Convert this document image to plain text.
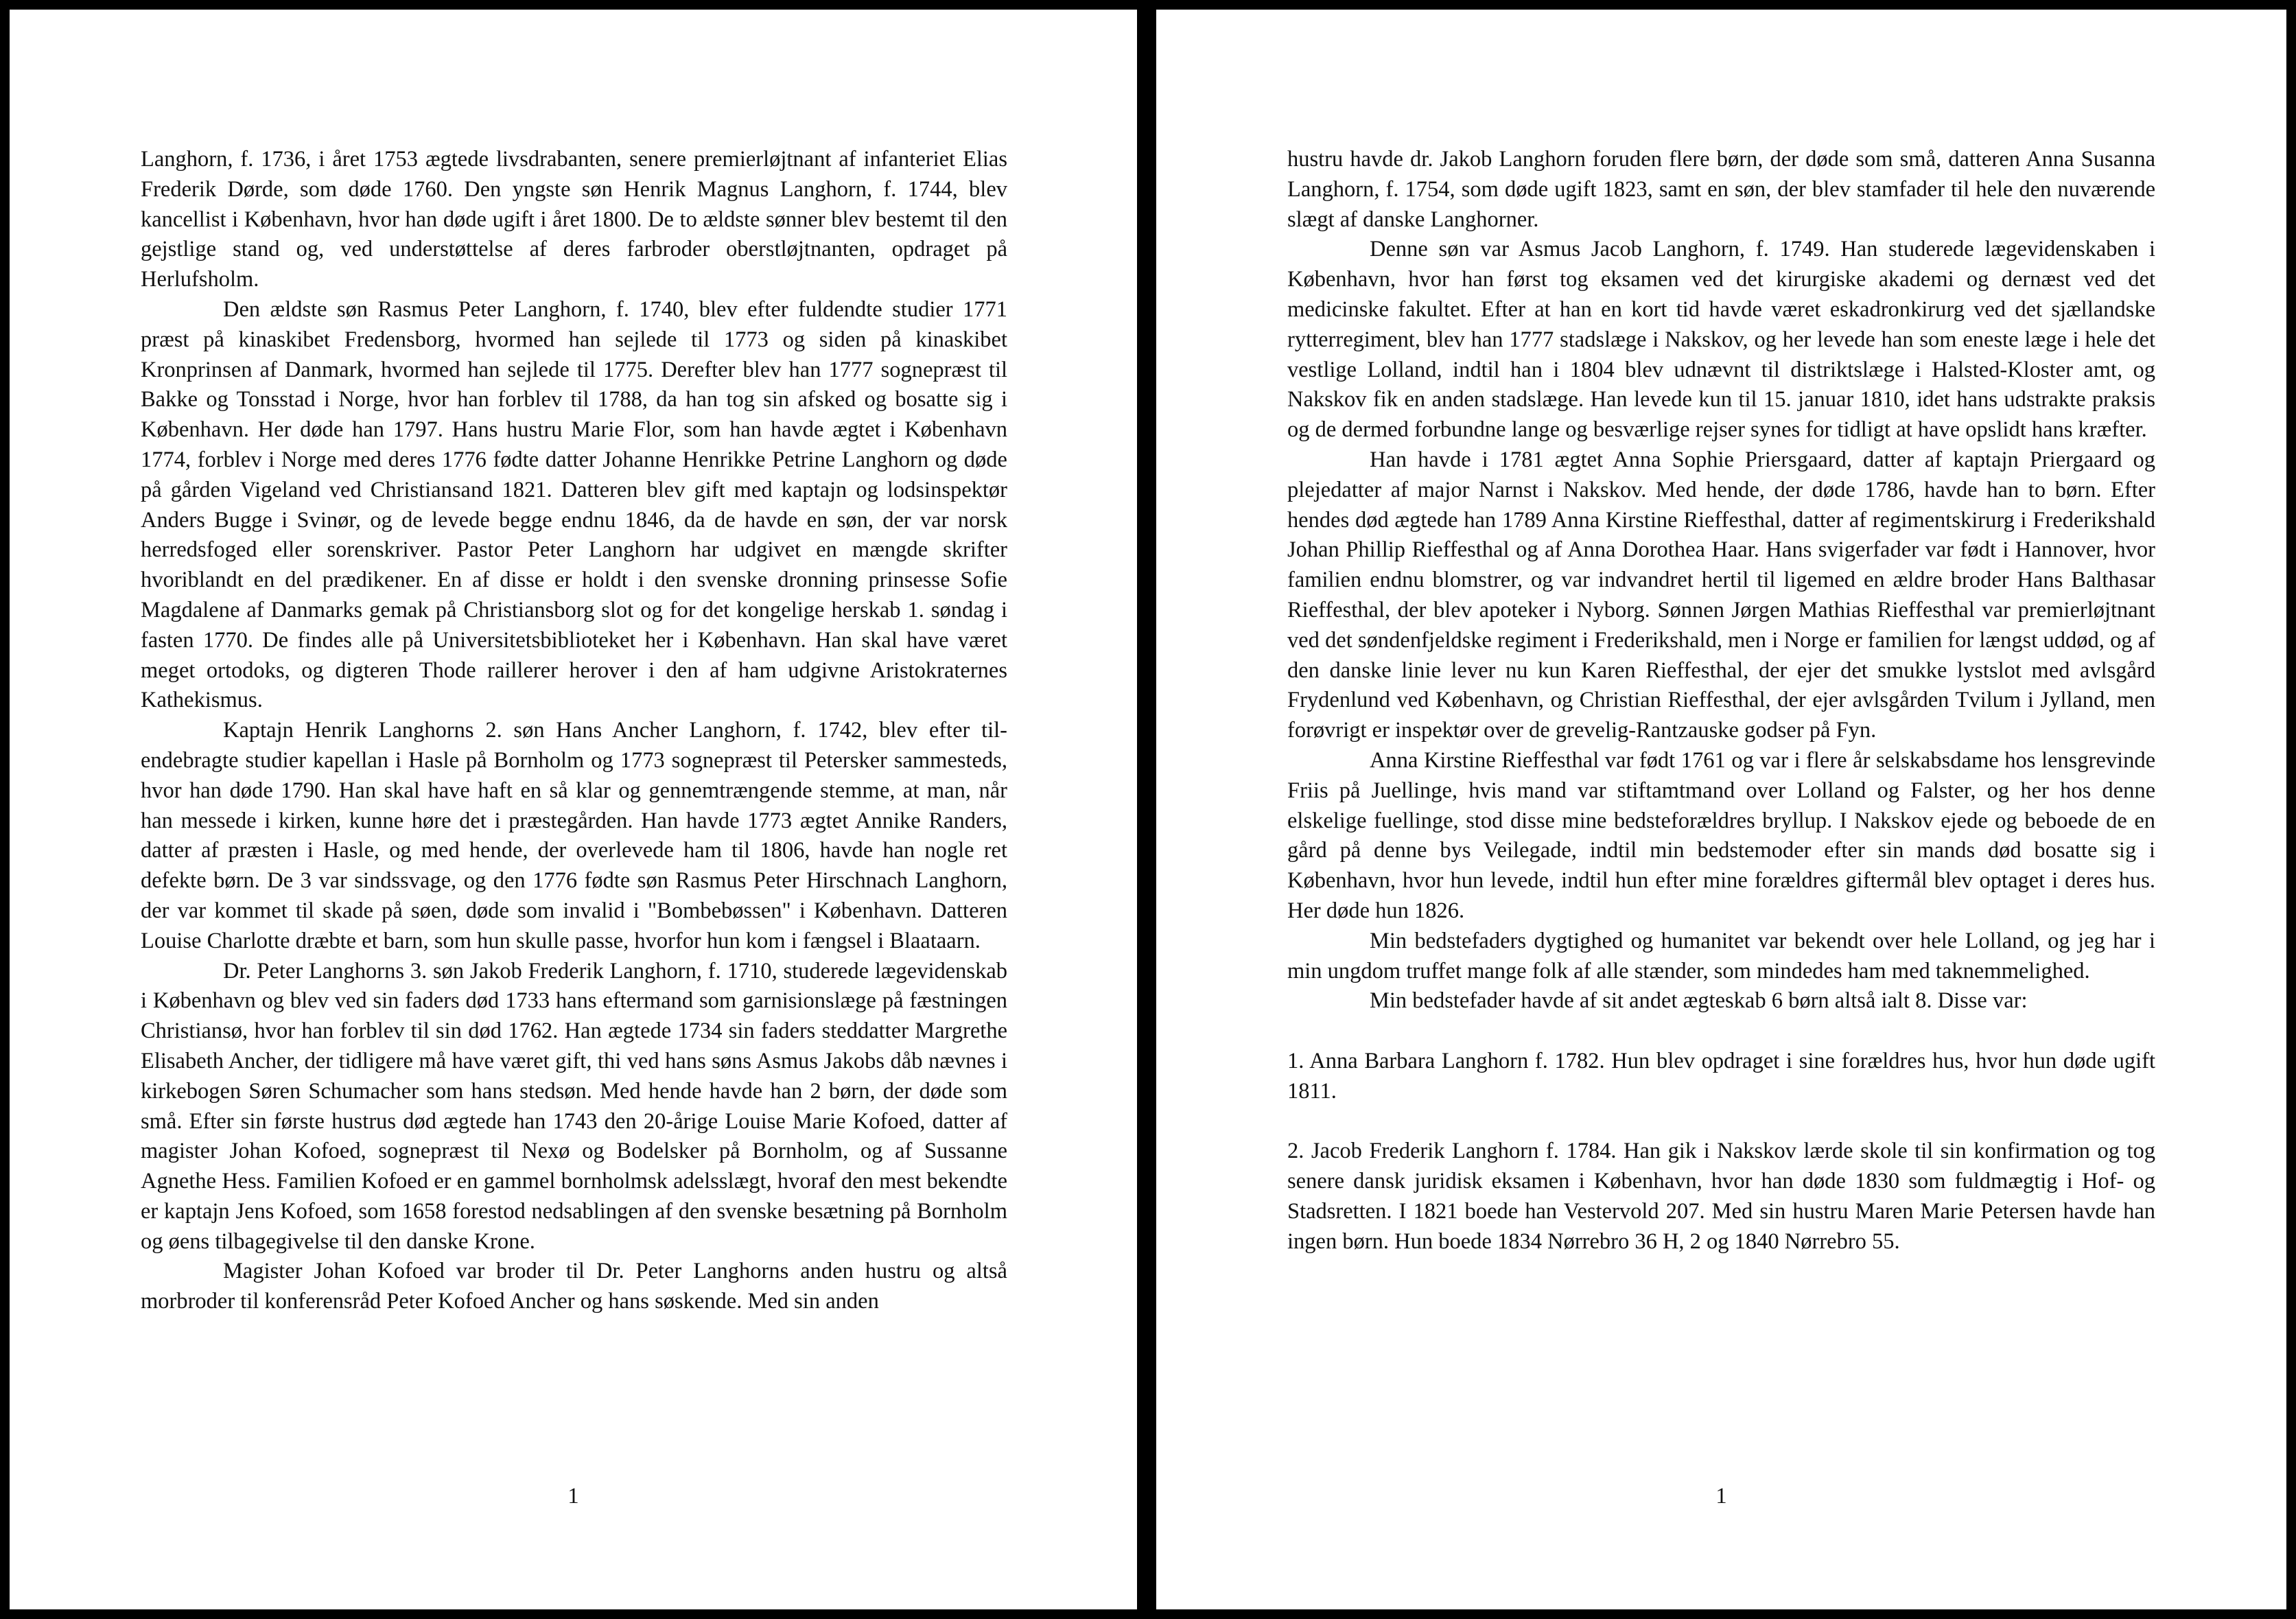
Langhorn, f. 1736, i året 1753 ægtede livsdrabanten, senere premierløjtnant af infanteriet Elias Frederik Dørde, som døde 1760. Den yngste søn Henrik Magnus Langhorn, f. 1744, blev kancellist i København, hvor han døde ugift i året 1800. De to ældste sønner blev bestemt til den gejstlige stand og, ved understøttelse af deres farbroder oberstløjtnanten, opdraget på Herlufsholm.

Den ældste søn Rasmus Peter Langhorn, f. 1740, blev efter fuldendte studier 1771 præst på kinaskibet Fredensborg, hvormed han sejlede til 1773 og siden på kinaskibet Kronprinsen af Danmark, hvormed han sejlede til 1775. Derefter blev han 1777 sognepræst til Bakke og Tonsstad i Norge, hvor han forblev til 1788, da han tog sin afsked og bosatte sig i København. Her døde han 1797. Hans hustru Marie Flor, som han havde ægtet i København 1774, forblev i Norge med deres 1776 fødte datter Johanne Henrikke Petrine Langhorn og døde på gården Vigeland ved Christiansand 1821. Datteren blev gift med kaptajn og lodsinspektør Anders Bugge i Svinør, og de levede begge endnu 1846, da de havde en søn, der var norsk herredsfoged eller sorenskriver. Pastor Peter Langhorn har udgivet en mængde skrifter hvoriblandt en del prædikener. En af disse er holdt i den svenske dronning prinsesse Sofie Magdalene af Danmarks gemak på Christiansborg slot og for det kongelige herskab 1. søndag i fasten 1770. De findes alle på Universitetsbiblioteket her i København. Han skal have været meget ortodoks, og digteren Thode raillerer herover i den af ham udgivne Aristokraternes Kathekismus.

Kaptajn Henrik Langhorns 2. søn Hans Ancher Langhorn, f. 1742, blev efter tilendebragte studier kapellan i Hasle på Bornholm og 1773 sognepræst til Petersker sammesteds, hvor han døde 1790. Han skal have haft en så klar og gennemtrængende stemme, at man, når han messede i kirken, kunne høre det i præstegården. Han havde 1773 ægtet Annike Randers, datter af præsten i Hasle, og med hende, der overlevede ham til 1806, havde han nogle ret defekte børn. De 3 var sindssvage, og den 1776 fødte søn Rasmus Peter Hirschnach Langhorn, der var kommet til skade på søen, døde som invalid i "Bombebøssen" i København. Datteren Louise Charlotte dræbte et barn, som hun skulle passe, hvorfor hun kom i fængsel i Blaataarn.

Dr. Peter Langhorns 3. søn Jakob Frederik Langhorn, f. 1710, studerede lægevidenskab i København og blev ved sin faders død 1733 hans eftermand som garnisionslæge på fæstningen Christiansø, hvor han forblev til sin død 1762. Han ægtede 1734 sin faders steddatter Margrethe Elisabeth Ancher, der tidligere må have været gift, thi ved hans søns Asmus Jakobs dåb nævnes i kirkebogen Søren Schumacher som hans stedsøn. Med hende havde han 2 børn, der døde som små. Efter sin første hustrus død ægtede han 1743 den 20-årige Louise Marie Kofoed, datter af magister Johan Kofoed, sognepræst til Nexø og Bodelsker på Bornholm, og af Sussanne Agnethe Hess. Familien Kofoed er en gammel bornholmsk adelsslægt, hvoraf den mest bekendte er kaptajn Jens Kofoed, som 1658 forestod nedsablingen af den svenske besætning på Bornholm og øens tilbagegivelse til den danske Krone.

Magister Johan Kofoed var broder til Dr. Peter Langhorns anden hustru og altså morbroder til konferensråd Peter Kofoed Ancher og hans søskende. Med sin anden

1

hustru havde dr. Jakob Langhorn foruden flere børn, der døde som små, datteren Anna Susanna Langhorn, f. 1754, som døde ugift 1823, samt en søn, der blev stamfader til hele den nuværende slægt af danske Langhorner.

Denne søn var Asmus Jacob Langhorn, f. 1749. Han studerede lægevidenskaben i København, hvor han først tog eksamen ved det kirurgiske akademi og dernæst ved det medicinske fakultet. Efter at han en kort tid havde været eskadronkirurg ved det sjællandske rytterregiment, blev han 1777 stadslæge i Nakskov, og her levede han som eneste læge i hele det vestlige Lolland, indtil han i 1804 blev udnævnt til distriktslæge i Halsted-Kloster amt, og Nakskov fik en anden stadslæge. Han levede kun til 15. januar 1810, idet hans udstrakte praksis og de dermed forbundne lange og besværlige rejser synes for tidligt at have opslidt hans kræfter.

Han havde i 1781 ægtet Anna Sophie Priersgaard, datter af kaptajn Priergaard og plejedatter af major Narnst i Nakskov. Med hende, der døde 1786, havde han to børn. Efter hendes død ægtede han 1789 Anna Kirstine Rieffesthal, datter af regimentskirurg i Frederikshald Johan Phillip Rieffesthal og af Anna Dorothea Haar. Hans svigerfader var født i Hannover, hvor familien endnu blomstrer, og var indvandret hertil til ligemed en ældre broder Hans Balthasar Rieffesthal, der blev apoteker i Nyborg. Sønnen Jørgen Mathias Rieffesthal var premierløjtnant ved det søndenfjeldske regiment i Frederikshald, men i Norge er familien for længst uddød, og af den danske linie lever nu kun Karen Rieffesthal, der ejer det smukke lystslot med avlsgård Frydenlund ved København, og Christian Rieffesthal, der ejer avlsgården Tvilum i Jylland, men forøvrigt er inspektør over de grevelig-Rantzauske godser på Fyn.

Anna Kirstine Rieffesthal var født 1761 og var i flere år selskabsdame hos lensgrevinde Friis på Juellinge, hvis mand var stiftamtmand over Lolland og Falster, og her hos denne elskelige fuellinge, stod disse mine bedsteforældres bryllup. I Nakskov ejede og beboede de en gård på denne bys Veilegade, indtil min bedstemoder efter sin mands død bosatte sig i København, hvor hun levede, indtil hun efter mine forældres giftermål blev optaget i deres hus. Her døde hun 1826.

Min bedstefaders dygtighed og humanitet var bekendt over hele Lolland, og jeg har i min ungdom truffet mange folk af alle stænder, som mindedes ham med taknemmelighed.

Min bedstefader havde af sit andet ægteskab 6 børn altså ialt 8. Disse var:

1. Anna Barbara Langhorn f. 1782. Hun blev opdraget i sine forældres hus, hvor hun døde ugift 1811.

2. Jacob Frederik Langhorn f. 1784. Han gik i Nakskov lærde skole til sin konfirmation og tog senere dansk juridisk eksamen i København, hvor han døde 1830 som fuldmægtig i Hof- og Stadsretten. I 1821 boede han Vestervold 207. Med sin hustru Maren Marie Petersen havde han ingen børn. Hun boede 1834 Nørrebro 36 H, 2 og 1840 Nørrebro 55.

1
